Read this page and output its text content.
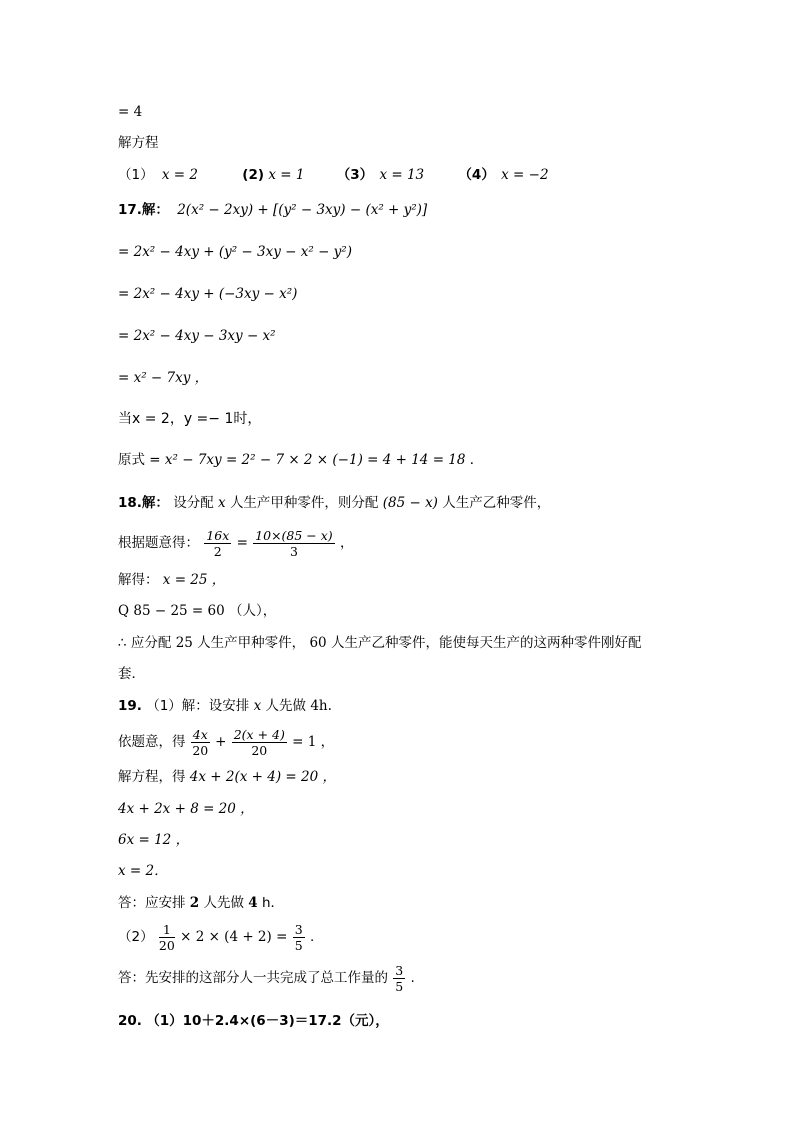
= 4
解方程
（1） x = 2	(2) x = 1 （3） x = 13	（4） x = −2
17.解： 2(x² − 2xy) + [(y² − 3xy) − (x² + y²)]
= 2x² − 4xy + (y² − 3xy − x² − y²)
= 2x² − 4xy + (−3xy − x²)
= 2x² − 4xy − 3xy − x²
= x² − 7xy ，
当x = 2，y =− 1时，
原式 = x² − 7xy = 2² − 7 × 2 × (−1) = 4 + 14 = 18 ．
18.解： 设分配 x 人生产甲种零件，则分配 (85 − x) 人生产乙种零件，
根据题意得： $\frac{16x}{2} = \frac{10\times(85 - x)}{3}$ ，
解得： x = 25 ，
Q 85 − 25 = 60 （人），
∴ 应分配 25 人生产甲种零件， 60 人生产乙种零件，能使每天生产的这两种零件刚好配
套．
19. （1）解：设安排 x 人先做 4h.
依题意，得 $\frac{4x}{20} + \frac{2(x + 4)}{20} = 1$ ，
解方程，得 4x + 2(x + 4) = 20 ，
4x + 2x + 8 = 20 ，
6x = 12 ，
x = 2．
答：应安排 2 人先做 4 h．
$(2) \frac{1}{20} \times 2 \times (4 + 2) = \frac{3}{5}$ .
答：先安排的这部分人一共完成了总工作量的 $\frac{3}{5}$ .
20. （1）10＋2.4×(6－3)＝17.2（元），
